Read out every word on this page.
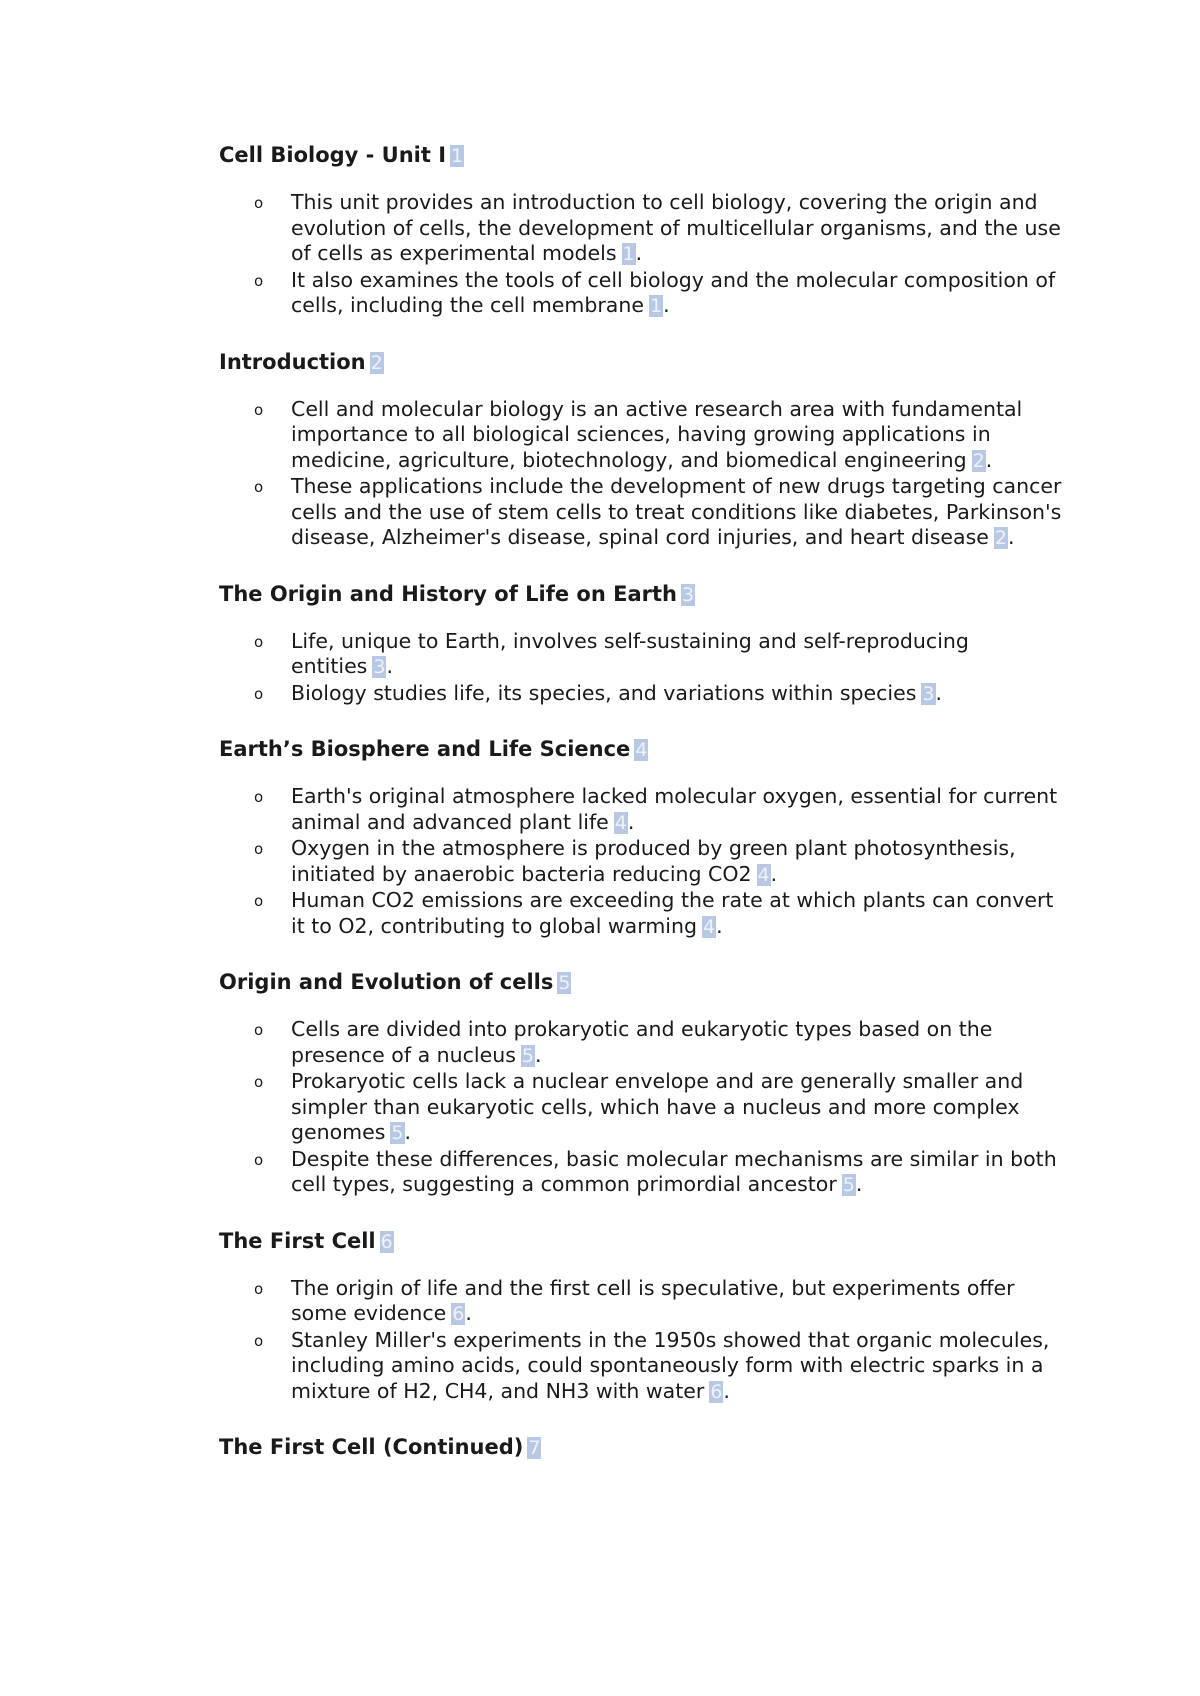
Cell Biology - Unit I 1
o This unit provides an introduction to cell biology, covering the origin and evolution of cells, the development of multicellular organisms, and the use of cells as experimental models 1.
o It also examines the tools of cell biology and the molecular composition of cells, including the cell membrane 1.
Introduction 2
o Cell and molecular biology is an active research area with fundamental importance to all biological sciences, having growing applications in medicine, agriculture, biotechnology, and biomedical engineering 2.
o These applications include the development of new drugs targeting cancer cells and the use of stem cells to treat conditions like diabetes, Parkinson's disease, Alzheimer's disease, spinal cord injuries, and heart disease 2.
The Origin and History of Life on Earth 3
o Life, unique to Earth, involves self-sustaining and self-reproducing entities 3.
o Biology studies life, its species, and variations within species 3.
Earth’s Biosphere and Life Science 4
o Earth's original atmosphere lacked molecular oxygen, essential for current animal and advanced plant life 4.
o Oxygen in the atmosphere is produced by green plant photosynthesis, initiated by anaerobic bacteria reducing CO2 4.
o Human CO2 emissions are exceeding the rate at which plants can convert it to O2, contributing to global warming 4.
Origin and Evolution of cells 5
o Cells are divided into prokaryotic and eukaryotic types based on the presence of a nucleus 5.
o Prokaryotic cells lack a nuclear envelope and are generally smaller and simpler than eukaryotic cells, which have a nucleus and more complex genomes 5.
o Despite these differences, basic molecular mechanisms are similar in both cell types, suggesting a common primordial ancestor 5.
The First Cell 6
o The origin of life and the first cell is speculative, but experiments offer some evidence 6.
o Stanley Miller's experiments in the 1950s showed that organic molecules, including amino acids, could spontaneously form with electric sparks in a mixture of H2, CH4, and NH3 with water 6.
The First Cell (Continued) 7
